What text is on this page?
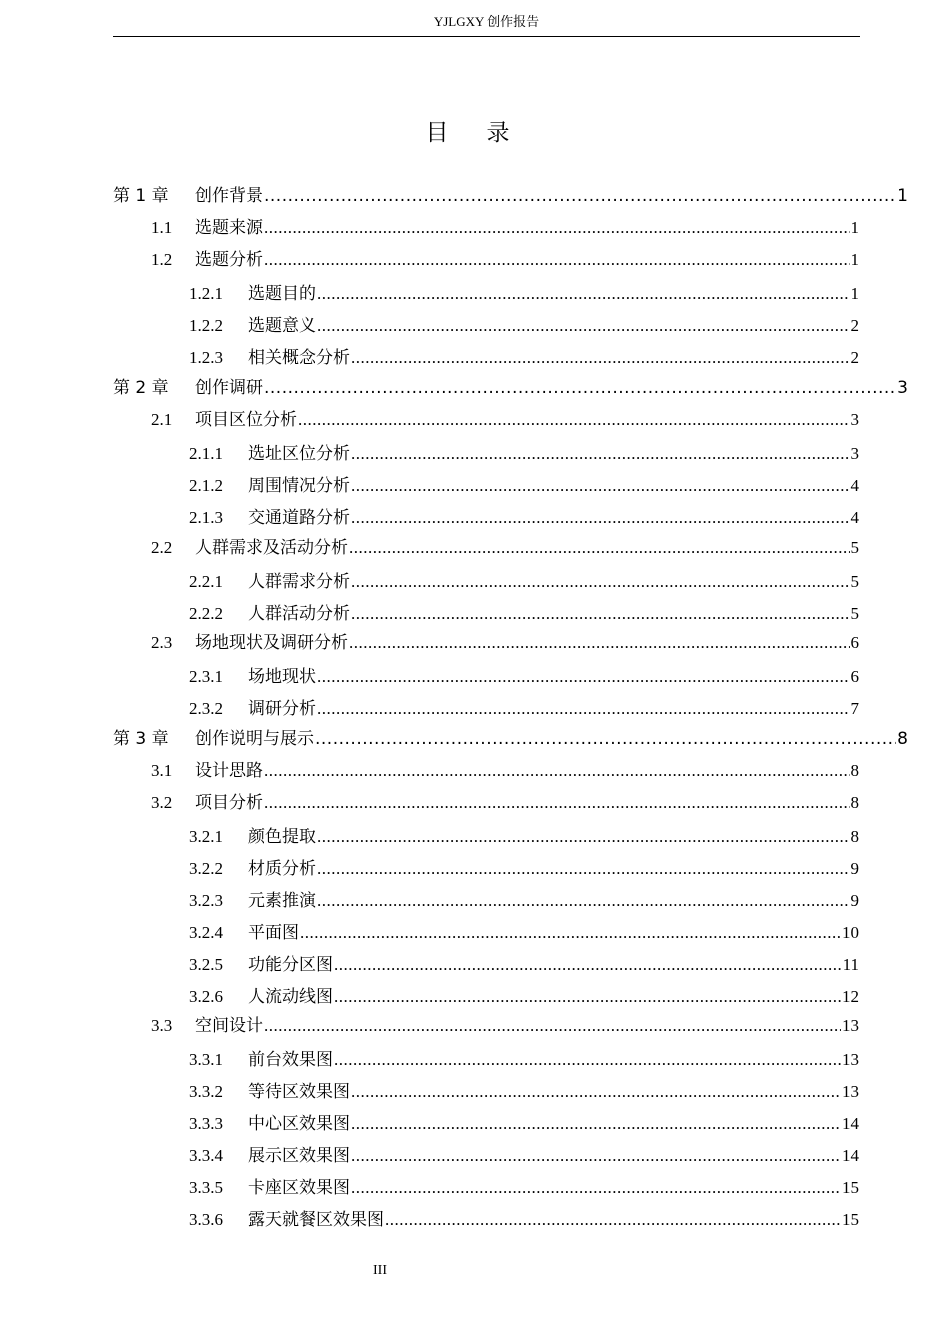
YJLGXY 创作报告
目录
第 1 章	创作背景 .....	1
1.1	选题来源 .....	1
1.2	选题分析 .....	1
1.2.1	选题目的 .....	1
1.2.2	选题意义 .....	2
1.2.3	相关概念分析 .....	2
第 2 章	创作调研 .....	3
2.1	项目区位分析 .....	3
2.1.1	选址区位分析 .....	3
2.1.2	周围情况分析 .....	4
2.1.3	交通道路分析 .....	4
2.2	人群需求及活动分析 .....	5
2.2.1	人群需求分析 .....	5
2.2.2	人群活动分析 .....	5
2.3	场地现状及调研分析 .....	6
2.3.1	场地现状 .....	6
2.3.2	调研分析 .....	7
第 3 章	创作说明与展示 .....	8
3.1	设计思路 .....	8
3.2	项目分析 .....	8
3.2.1	颜色提取 .....	8
3.2.2	材质分析 .....	9
3.2.3	元素推演 .....	9
3.2.4	平面图 .....	10
3.2.5	功能分区图 .....	11
3.2.6	人流动线图 .....	12
3.3	空间设计 .....	13
3.3.1	前台效果图 .....	13
3.3.2	等待区效果图 .....	13
3.3.3	中心区效果图 .....	14
3.3.4	展示区效果图 .....	14
3.3.5	卡座区效果图 .....	15
3.3.6	露天就餐区效果图 .....	15
III
